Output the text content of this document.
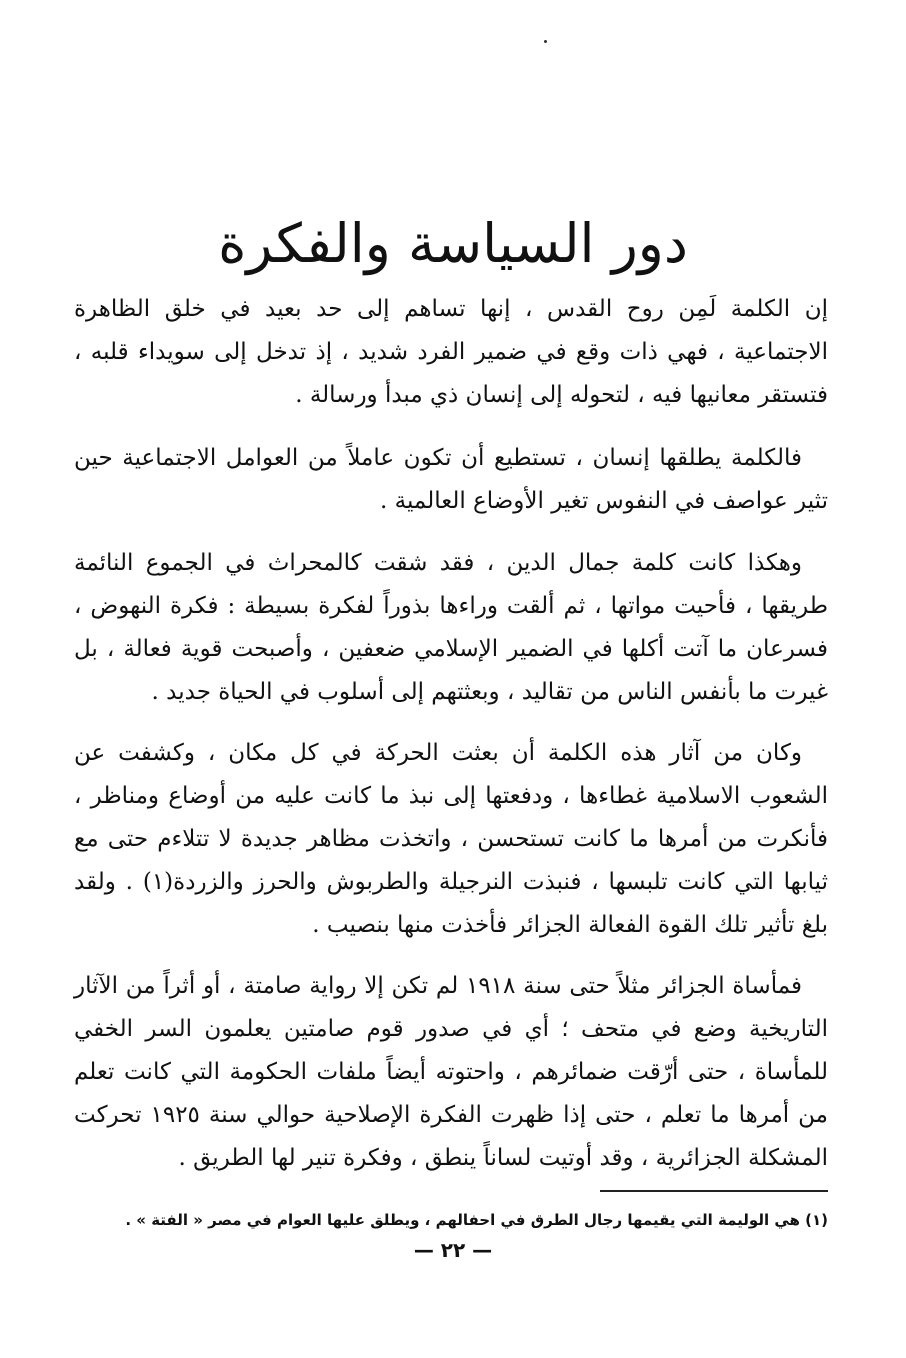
دور السياسة والفكرة

إن الكلمة لَمِن روح القدس ، إنها تساهم إلى حد بعيد في خلق الظاهرة الاجتماعية ، فهي ذات وقع في ضمير الفرد شديد ، إذ تدخل إلى سويداء قلبه ، فتستقر معانيها فيه ، لتحوله إلى إنسان ذي مبدأ ورسالة .

فالكلمة يطلقها إنسان ، تستطيع أن تكون عاملاً من العوامل الاجتماعية حين تثير عواصف في النفوس تغير الأوضاع العالمية .

وهكذا كانت كلمة جمال الدين ، فقد شقت كالمحراث في الجموع النائمة طريقها ، فأحيت مواتها ، ثم ألقت وراءها بذوراً لفكرة بسيطة : فكرة النهوض ، فسرعان ما آتت أكلها في الضمير الإسلامي ضعفين ، وأصبحت قوية فعالة ، بل غيرت ما بأنفس الناس من تقاليد ، وبعثتهم إلى أسلوب في الحياة جديد .

وكان من آثار هذه الكلمة أن بعثت الحركة في كل مكان ، وكشفت عن الشعوب الاسلامية غطاءها ، ودفعتها إلى نبذ ما كانت عليه من أوضاع ومناظر ، فأنكرت من أمرها ما كانت تستحسن ، واتخذت مظاهر جديدة لا تتلاءم حتى مع ثيابها التي كانت تلبسها ، فنبذت النرجيلة والطربوش والحرز والزردة(١) . ولقد بلغ تأثير تلك القوة الفعالة الجزائر فأخذت منها بنصيب .

فمأساة الجزائر مثلاً حتى سنة ١٩١٨ لم تكن إلا رواية صامتة ، أو أثراً من الآثار التاريخية وضع في متحف ؛ أي في صدور قوم صامتين يعلمون السر الخفي للمأساة ، حتى أرّقت ضمائرهم ، واحتوته أيضاً ملفات الحكومة التي كانت تعلم من أمرها ما تعلم ، حتى إذا ظهرت الفكرة الإصلاحية حوالي سنة ١٩٢٥ تحركت المشكلة الجزائرية ، وقد أوتيت لساناً ينطق ، وفكرة تنير لها الطريق .

(١) هي الوليمة التي يقيمها رجال الطرق في احفالهم ، ويطلق عليها العوام في مصر « الفتة » .
— ٢٢ —
